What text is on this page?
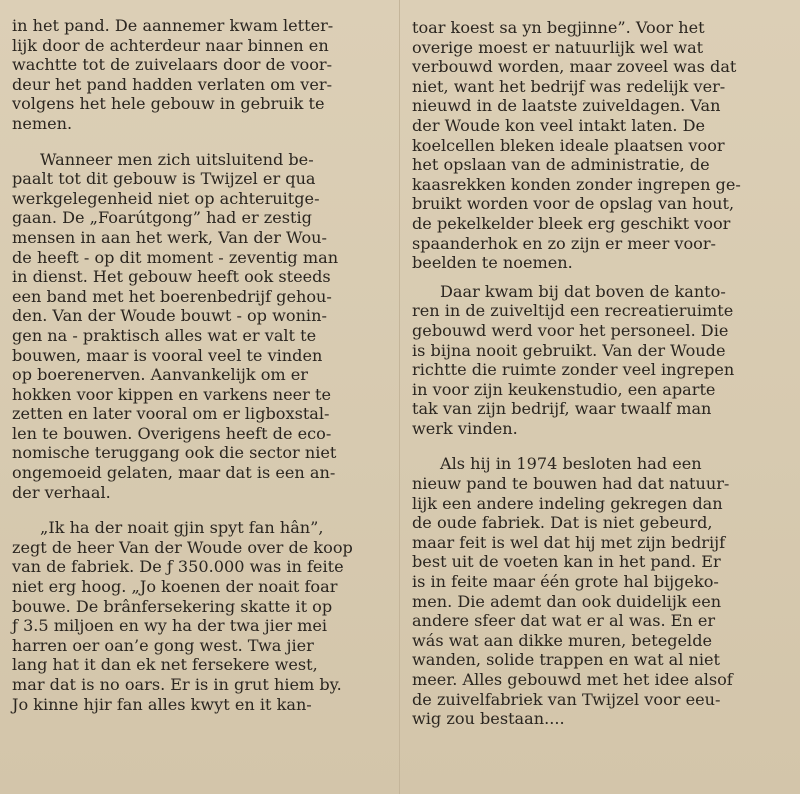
in het pand. De aannemer kwam letter-
lijk door de achterdeur naar binnen en
wachtte tot de zuivelaars door de voor-
deur het pand hadden verlaten om ver-
volgens het hele gebouw in gebruik te
nemen.
Wanneer men zich uitsluitend be-
paalt tot dit gebouw is Twijzel er qua
werkgelegenheid niet op achteruitge-
gaan. De „Foarútgong” had er zestig
mensen in aan het werk, Van der Wou-
de heeft - op dit moment - zeventig man
in dienst. Het gebouw heeft ook steeds
een band met het boerenbedrijf gehou-
den. Van der Woude bouwt - op wonin-
gen na - praktisch alles wat er valt te
bouwen, maar is vooral veel te vinden
op boerenerven. Aanvankelijk om er
hokken voor kippen en varkens neer te
zetten en later vooral om er ligboxstal-
len te bouwen. Overigens heeft de eco-
nomische teruggang ook die sector niet
ongemoeid gelaten, maar dat is een an-
der verhaal.
„Ik ha der noait gjin spyt fan hân”,
zegt de heer Van der Woude over de koop
van de fabriek. De ƒ 350.000 was in feite
niet erg hoog. „Jo koenen der noait foar
bouwe. De brânfersekering skatte it op
ƒ 3.5 miljoen en wy ha der twa jier mei
harren oer oan’e gong west. Twa jier
lang hat it dan ek net fersekere west,
mar dat is no oars. Er is in grut hiem by.
Jo kinne hjir fan alles kwyt en it kan-
toar koest sa yn begjinne”. Voor het
overige moest er natuurlijk wel wat
verbouwd worden, maar zoveel was dat
niet, want het bedrijf was redelijk ver-
nieuwd in de laatste zuiveldagen. Van
der Woude kon veel intakt laten. De
koelcellen bleken ideale plaatsen voor
het opslaan van de administratie, de
kaasrekken konden zonder ingrepen ge-
bruikt worden voor de opslag van hout,
de pekelkelder bleek erg geschikt voor
spaanderhok en zo zijn er meer voor-
beelden te noemen.
Daar kwam bij dat boven de kanto-
ren in de zuiveltijd een recreatieruimte
gebouwd werd voor het personeel. Die
is bijna nooit gebruikt. Van der Woude
richtte die ruimte zonder veel ingrepen
in voor zijn keukenstudio, een aparte
tak van zijn bedrijf, waar twaalf man
werk vinden.
Als hij in 1974 besloten had een
nieuw pand te bouwen had dat natuur-
lijk een andere indeling gekregen dan
de oude fabriek. Dat is niet gebeurd,
maar feit is wel dat hij met zijn bedrijf
best uit de voeten kan in het pand. Er
is in feite maar één grote hal bijgeko-
men. Die ademt dan ook duidelijk een
andere sfeer dat wat er al was. En er
wás wat aan dikke muren, betegelde
wanden, solide trappen en wat al niet
meer. Alles gebouwd met het idee alsof
de zuivelfabriek van Twijzel voor eeu-
wig zou bestaan....
